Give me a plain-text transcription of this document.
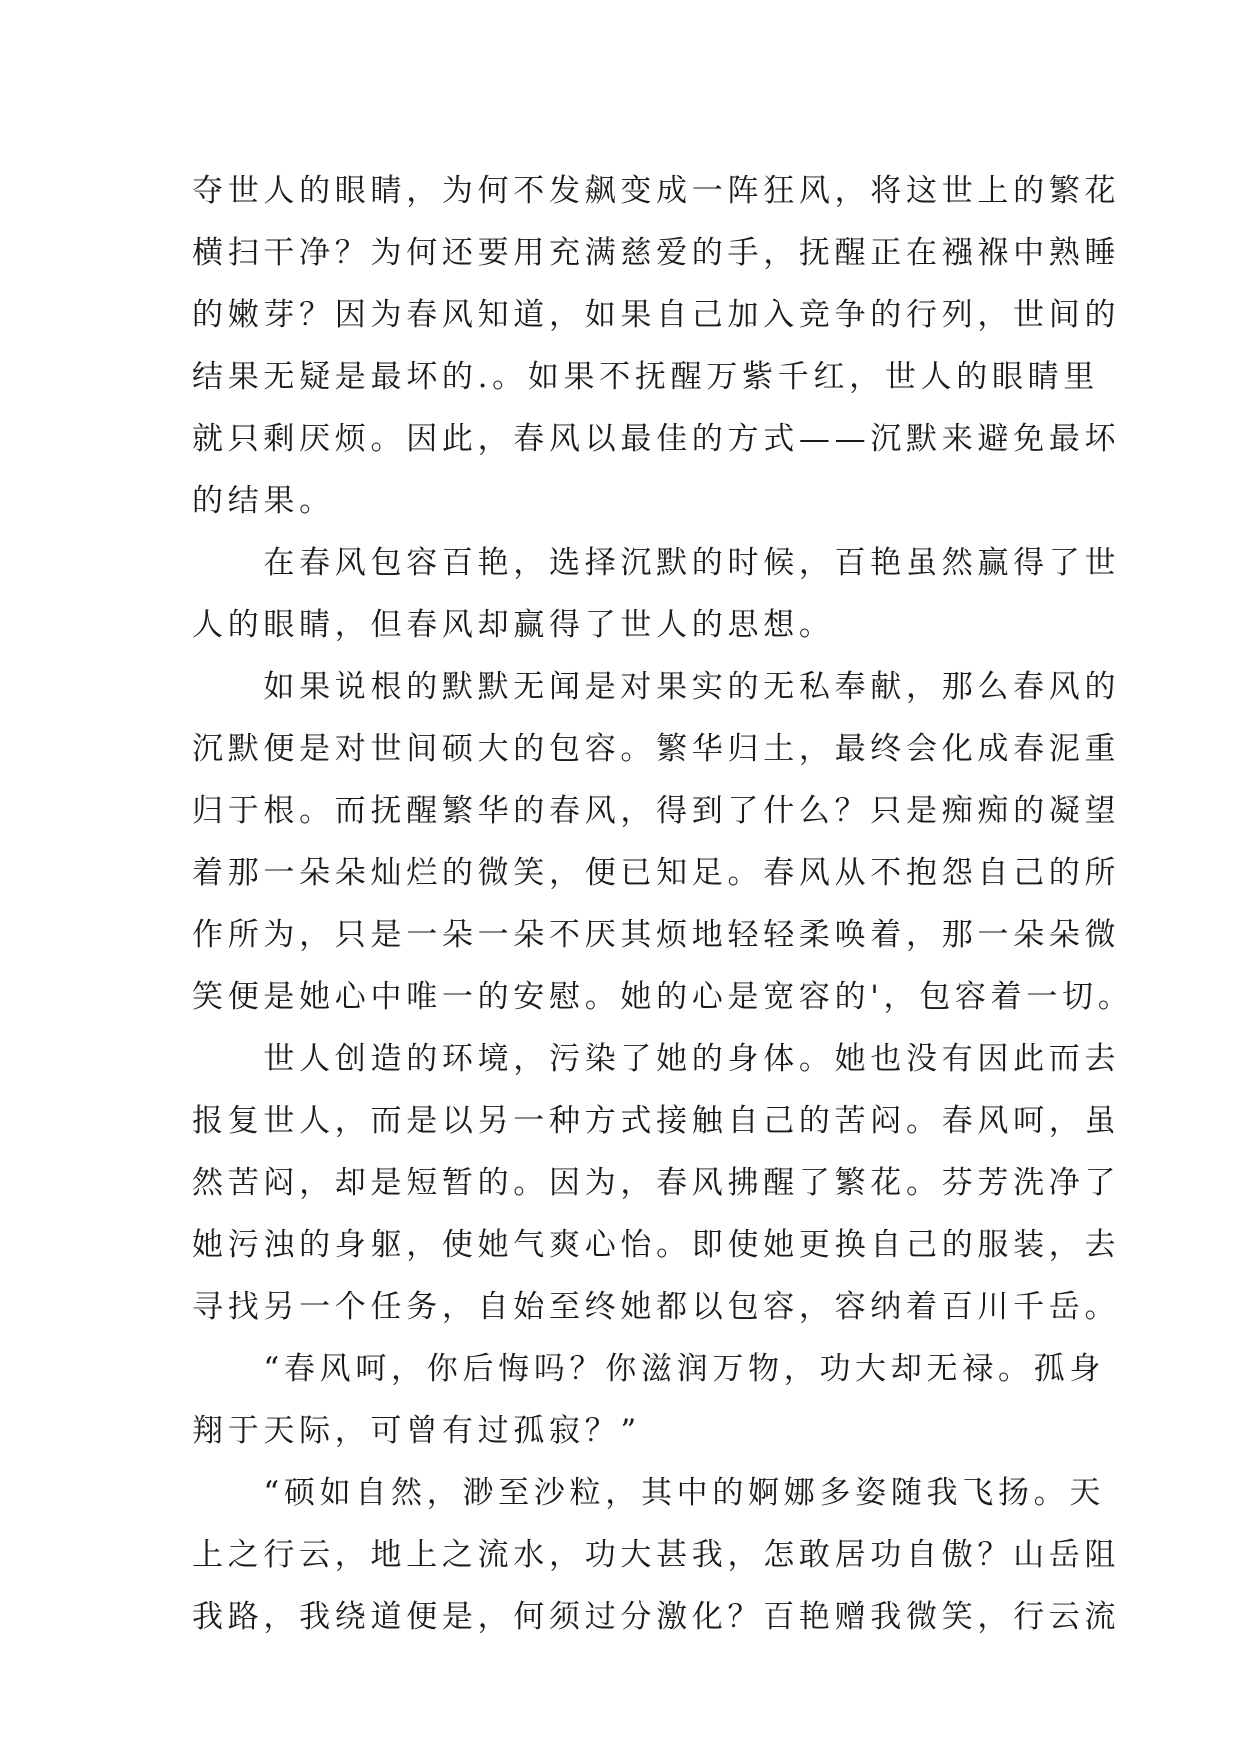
夺世人的眼睛，为何不发飙变成一阵狂风，将这世上的繁花
横扫干净？为何还要用充满慈爱的手，抚醒正在襁褓中熟睡
的嫩芽？因为春风知道，如果自己加入竞争的行列，世间的
结果无疑是最坏的.。如果不抚醒万紫千红，世人的眼睛里
就只剩厌烦。因此，春风以最佳的方式——沉默来避免最坏
的结果。
　　在春风包容百艳，选择沉默的时候，百艳虽然赢得了世
人的眼睛，但春风却赢得了世人的思想。
　　如果说根的默默无闻是对果实的无私奉献，那么春风的
沉默便是对世间硕大的包容。繁华归土，最终会化成春泥重
归于根。而抚醒繁华的春风，得到了什么？只是痴痴的凝望
着那一朵朵灿烂的微笑，便已知足。春风从不抱怨自己的所
作所为，只是一朵一朵不厌其烦地轻轻柔唤着，那一朵朵微
笑便是她心中唯一的安慰。她的心是宽容的'，包容着一切。
　　世人创造的环境，污染了她的身体。她也没有因此而去
报复世人，而是以另一种方式接触自己的苦闷。春风呵，虽
然苦闷，却是短暂的。因为，春风拂醒了繁花。芬芳洗净了
她污浊的身躯，使她气爽心怡。即使她更换自己的服装，去
寻找另一个任务，自始至终她都以包容，容纳着百川千岳。
　　“春风呵，你后悔吗？你滋润万物，功大却无禄。孤身
翔于天际，可曾有过孤寂？”
　　“硕如自然，渺至沙粒，其中的婀娜多姿随我飞扬。天
上之行云，地上之流水，功大甚我，怎敢居功自傲？山岳阻
我路，我绕道便是，何须过分激化？百艳赠我微笑，行云流
